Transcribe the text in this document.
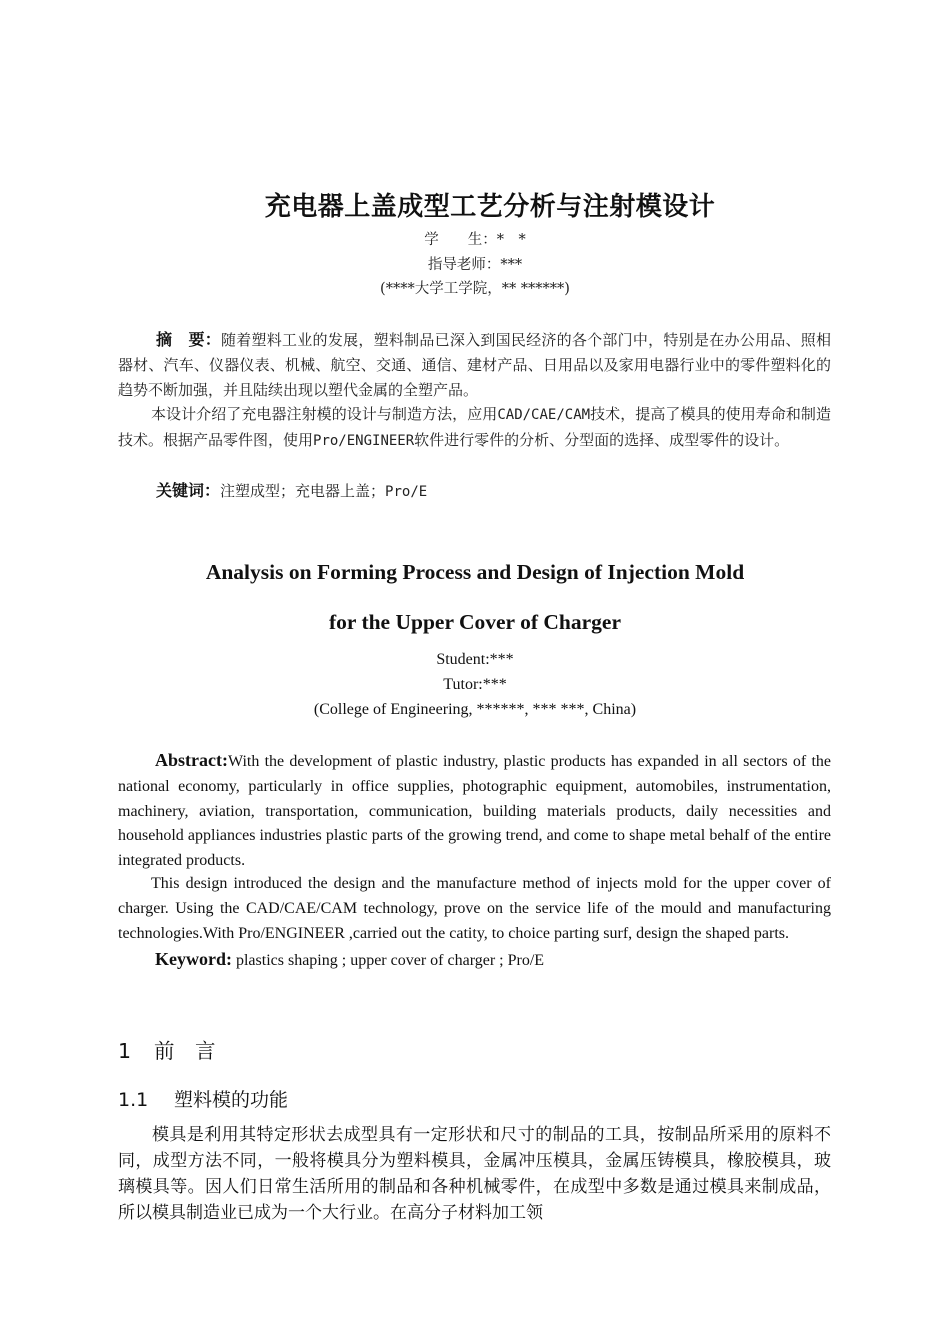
充电器上盖成型工艺分析与注射模设计
学　　生：*　*
指导老师：***
(****大学工学院，** ******)
摘　要：随着塑料工业的发展，塑料制品已深入到国民经济的各个部门中，特别是在办公用品、照相器材、汽车、仪器仪表、机械、航空、交通、通信、建材产品、日用品以及家用电器行业中的零件塑料化的趋势不断加强，并且陆续出现以塑代金属的全塑产品。
本设计介绍了充电器注射模的设计与制造方法，应用CAD/CAE/CAM技术，提高了模具的使用寿命和制造技术。根据产品零件图，使用Pro/ENGINEER软件进行零件的分析、分型面的选择、成型零件的设计。
关键词：注塑成型；充电器上盖；Pro/E
Analysis on Forming Process and Design of Injection Mold
for the Upper Cover of Charger
Student:***
Tutor:***
(College of Engineering, ******, *** ***, China)
Abstract:With the development of plastic industry, plastic products has expanded in all sectors of the national economy, particularly in office supplies, photographic equipment, automobiles, instrumentation, machinery, aviation, transportation, communication, building materials products, daily necessities and household appliances industries plastic parts of the growing trend, and come to shape metal behalf of the entire integrated products.
This design introduced the design and the manufacture method of injects mold for the upper cover of charger. Using the CAD/CAE/CAM technology, prove on the service life of the mould and manufacturing technologies.With Pro/ENGINEER ,carried out the catity, to choice parting surf, design the shaped parts.
Keyword: plastics shaping ; upper cover of charger ; Pro/E
1 前　言
1.1 塑料模的功能
模具是利用其特定形状去成型具有一定形状和尺寸的制品的工具，按制品所采用的原料不同，成型方法不同，一般将模具分为塑料模具，金属冲压模具，金属压铸模具，橡胶模具，玻璃模具等。因人们日常生活所用的制品和各种机械零件，在成型中多数是通过模具来制成品，所以模具制造业已成为一个大行业。在高分子材料加工领
